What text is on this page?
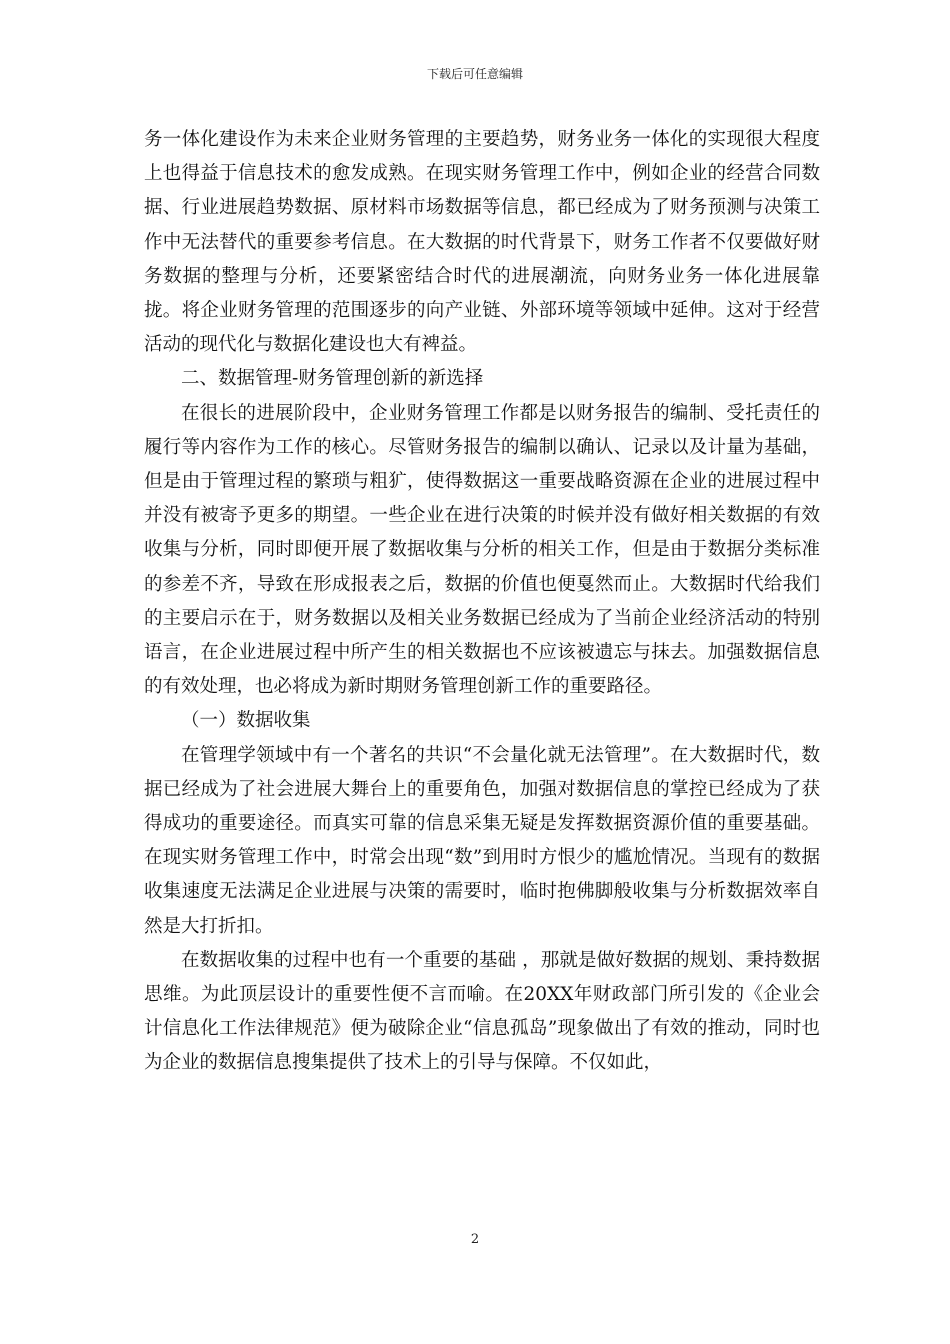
下载后可任意编辑

务一体化建设作为未来企业财务管理的主要趋势，财务业务一体化的实现很大程度上也得益于信息技术的愈发成熟。在现实财务管理工作中，例如企业的经营合同数据、行业进展趋势数据、原材料市场数据等信息，都已经成为了财务预测与决策工作中无法替代的重要参考信息。在大数据的时代背景下，财务工作者不仅要做好财务数据的整理与分析，还要紧密结合时代的进展潮流，向财务业务一体化进展靠拢。将企业财务管理的范围逐步的向产业链、外部环境等领域中延伸。这对于经营活动的现代化与数据化建设也大有裨益。

二、数据管理-财务管理创新的新选择

在很长的进展阶段中，企业财务管理工作都是以财务报告的编制、受托责任的履行等内容作为工作的核心。尽管财务报告的编制以确认、记录以及计量为基础，但是由于管理过程的繁琐与粗犷，使得数据这一重要战略资源在企业的进展过程中并没有被寄予更多的期望。一些企业在进行决策的时候并没有做好相关数据的有效收集与分析，同时即便开展了数据收集与分析的相关工作，但是由于数据分类标准的参差不齐，导致在形成报表之后，数据的价值也便戛然而止。大数据时代给我们的主要启示在于，财务数据以及相关业务数据已经成为了当前企业经济活动的特别语言，在企业进展过程中所产生的相关数据也不应该被遗忘与抹去。加强数据信息的有效处理，也必将成为新时期财务管理创新工作的重要路径。

（一）数据收集

在管理学领域中有一个著名的共识“不会量化就无法管理”。在大数据时代，数据已经成为了社会进展大舞台上的重要角色，加强对数据信息的掌控已经成为了获得成功的重要途径。而真实可靠的信息采集无疑是发挥数据资源价值的重要基础。在现实财务管理工作中，时常会出现“数”到用时方恨少的尴尬情况。当现有的数据收集速度无法满足企业进展与决策的需要时，临时抱佛脚般收集与分析数据效率自然是大打折扣。

在数据收集的过程中也有一个重要的基础 ，那就是做好数据的规划、秉持数据思维。为此顶层设计的重要性便不言而喻。在20XX年财政部门所引发的《企业会计信息化工作法律规范》便为破除企业“信息孤岛”现象做出了有效的推动，同时也为企业的数据信息搜集提供了技术上的引导与保障。不仅如此，

2
